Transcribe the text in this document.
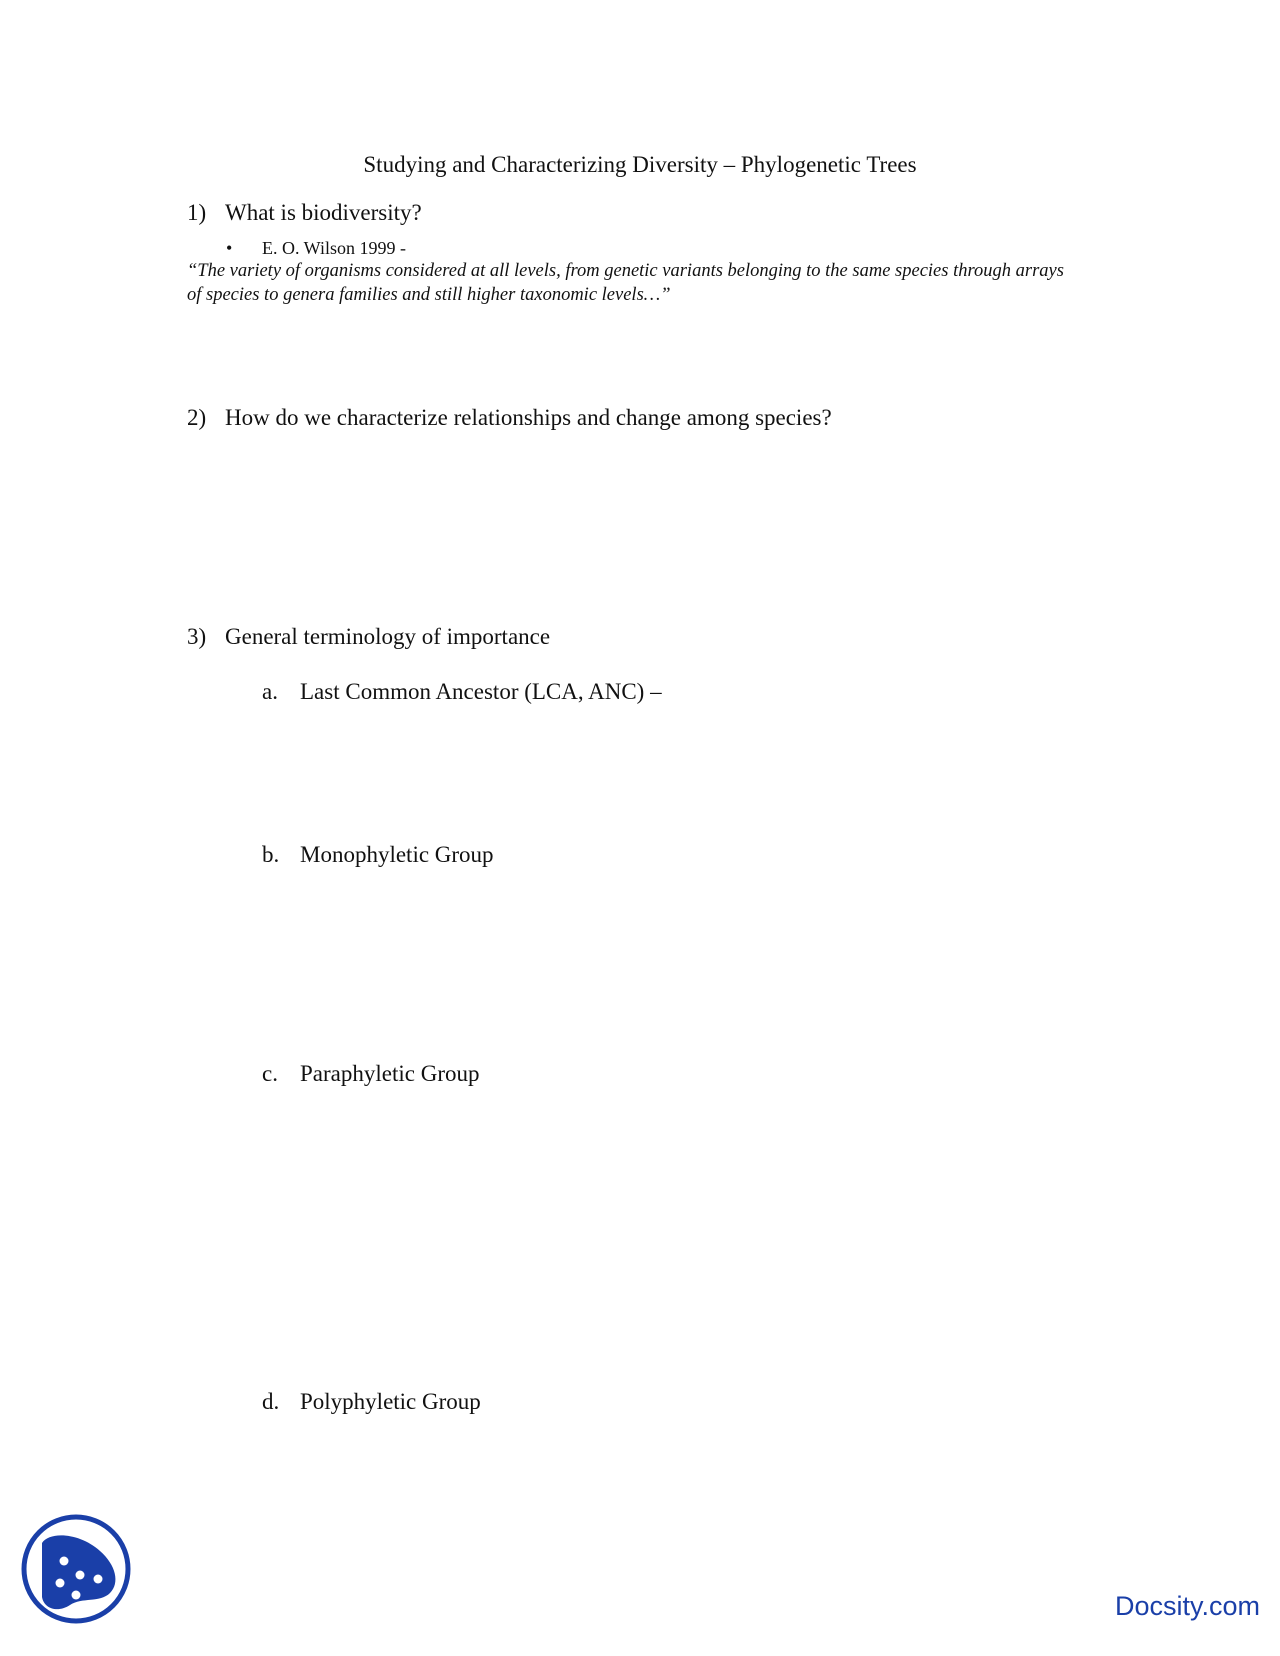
Studying and Characterizing Diversity – Phylogenetic Trees
1) What is biodiversity?
• E. O. Wilson 1999 -
“The variety of organisms considered at all levels, from genetic variants belonging to the same species through arrays of species to genera families and still higher taxonomic levels…”
2) How do we characterize relationships and change among species?
3) General terminology of importance
a. Last Common Ancestor (LCA, ANC) –
b. Monophyletic Group
c. Paraphyletic Group
d. Polyphyletic Group
Docsity.com
